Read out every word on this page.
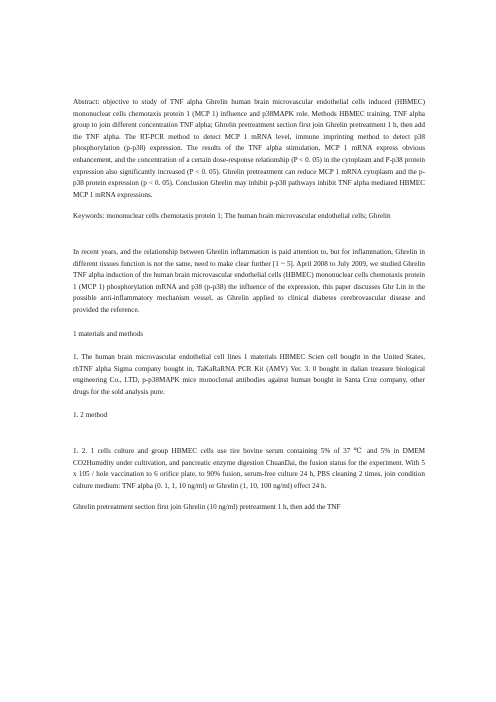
Abstract: objective to study of TNF alpha Ghrelin human brain microvascular endothelial cells induced (HBMEC) mononuclear cells chemotaxis protein 1 (MCP 1) influence and p38MAPK role. Methods HBMEC training, TNF alpha group to join different concentration TNF alpha; Ghrelin pretreatment section first join Ghrelin pretreatment 1 h, then add the TNF alpha. The RT-PCR method to detect MCP 1 mRNA level, immune imprinting method to detect p38 phosphorylation (p-p38) expression. The results of the TNF alpha stimulation, MCP 1 mRNA express obvious enhancement, and the concentration of a certain dose-response relationship (P < 0. 05) in the cytoplasm and P-p38 protein expression also significantly increased (P < 0. 05). Ghrelin pretreatment can reduce MCP 1 mRNA cytoplasm and the p-p38 protein expression (p < 0. 05). Conclusion Ghrelin may inhibit p-p38 pathways inhibit TNF alpha mediated HBMEC MCP 1 mRNA expressions.

Keywords: mononuclear cells chemotaxis protein 1; The human brain microvascular endothelial cells; Ghrelin

In recent years, and the relationship between Ghrelin inflammation is paid attention to, but for inflammation, Ghrelin in different tissues function is not the same, need to make clear further [1 ~ 5]. April 2008 to July 2009, we studied Ghrelin TNF alpha induction of the human brain microvascular endothelial cells (HBMEC) mononuclear cells chemotaxis protein 1 (MCP 1) phosphorylation mRNA and p38 (p-p38) the influence of the expression, this paper discusses Ghr Lin in the possible anti-inflammatory mechanism vessel, as Ghrelin applied to clinical diabetes cerebrovascular disease and provided the reference.

1 materials and methods

1. The human brain microvascular endothelial cell lines 1 materials HBMEC Scien cell bought in the United States, rhTNF alpha Sigma company bought in, TaKaRaRNA PCR Kit (AMV) Ver. 3. 0 bought in dalian treasure biological engineering Co., LTD, p-p38MAPK mice monoclonal antibodies against human bought in Santa Cruz company, other drugs for the sold analysis pure.

1. 2 method

1. 2. 1 cells culture and group HBMEC cells use tire bovine serum containing 5% of 37 ℃ and 5% in DMEM CO2Humidity under cultivation, and pancreatic enzyme digestion ChuanDai, the fusion status for the experiment. With 5 x 105 / hole vaccination to 6 orifice plate, to 90% fusion, serum-free culture 24 h, PBS cleaning 2 times, join condition culture medium: TNF alpha (0. 1, 1, 10 ng/ml) or Ghrelin (1, 10, 100 ng/ml) effect 24 h.

Ghrelin pretreatment section first join Ghrelin (10 ng/ml) pretreatment 1 h, then add the TNF
